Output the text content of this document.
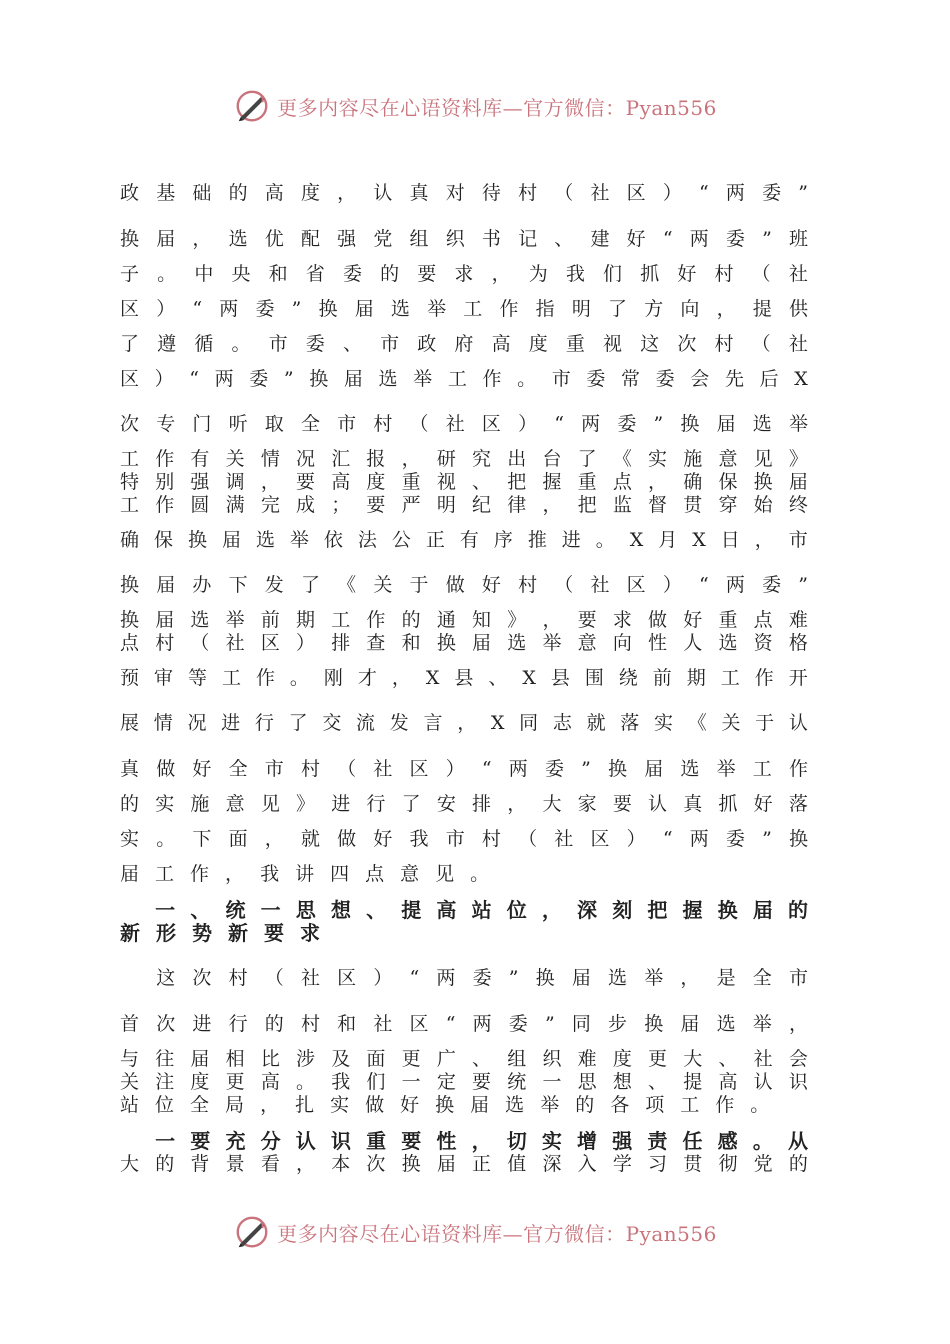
更多内容尽在心语资料库—官方微信：Pyan556
政 基 础 的 高 度 ， 认 真 对 待 村 （ 社 区 ） “ 两 委 ”
换 届 ， 选 优 配 强 党 组 织 书 记 、 建 好 “ 两 委 ” 班
子 。 中 央 和 省 委 的 要 求 ， 为 我 们 抓 好 村 （ 社
区 ） “ 两 委 ” 换 届 选 举 工 作 指 明 了 方 向 ， 提 供
了 遵 循 。 市 委 、 市 政 府 高 度 重 视 这 次 村 （ 社
区 ） “ 两 委 ” 换 届 选 举 工 作 。 市 委 常 委 会 先 后 X
次 专 门 听 取 全 市 村 （ 社 区 ） “ 两 委 ” 换 届 选 举
工 作 有 关 情 况 汇 报 ， 研 究 出 台 了 《 实 施 意 见 》
特 别 强 调 ， 要 高 度 重 视 、 把 握 重 点 ， 确 保 换 届
工 作 圆 满 完 成 ； 要 严 明 纪 律 ， 把 监 督 贯 穿 始 终
确 保 换 届 选 举 依 法 公 正 有 序 推 进 。 X 月 X 日 ， 市
换 届 办 下 发 了 《 关 于 做 好 村 （ 社 区 ） “ 两 委 ”
换 届 选 举 前 期 工 作 的 通 知 》 ， 要 求 做 好 重 点 难
点 村 （ 社 区 ） 排 查 和 换 届 选 举 意 向 性 人 选 资 格
预 审 等 工 作 。 刚 才 ， X 县 、 X 县 围 绕 前 期 工 作 开
展 情 况 进 行 了 交 流 发 言 ， X 同 志 就 落 实 《 关 于 认
真 做 好 全 市 村 （ 社 区 ） “ 两 委 ” 换 届 选 举 工 作
的 实 施 意 见 》 进 行 了 安 排 ， 大 家 要 认 真 抓 好 落
实 。 下 面 ， 就 做 好 我 市 村 （ 社 区 ） “ 两 委 ” 换
届 工 作 ， 我 讲 四 点 意 见 。

一 、 统 一 思 想 、 提 高 站 位 ， 深 刻 把 握 换 届 的
新 形 势 新 要 求

这 次 村 （ 社 区 ） “ 两 委 ” 换 届 选 举 ， 是 全 市
首 次 进 行 的 村 和 社 区 “ 两 委 ” 同 步 换 届 选 举 ，
与 往 届 相 比 涉 及 面 更 广 、 组 织 难 度 更 大 、 社 会
关 注 度 更 高 。 我 们 一 定 要 统 一 思 想 、 提 高 认 识
站 位 全 局 ， 扎 实 做 好 换 届 选 举 的 各 项 工 作 。

一 要 充 分 认 识 重 要 性 ， 切 实 增 强 责 任 感 。 从
大 的 背 景 看 ， 本 次 换 届 正 值 深 入 学 习 贯 彻 党 的
更多内容尽在心语资料库—官方微信：Pyan556
